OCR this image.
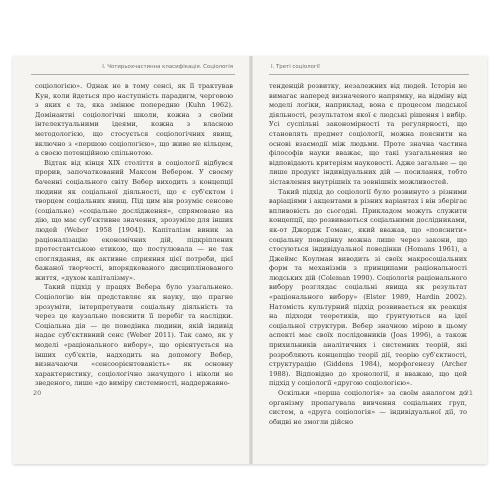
I. Чотирьохчастинна класифікація. Соціологія

соціологією». Однак не в тому сенсі, як її трактував Кун, коли йдеться про наступність парадигм, черговою з яких є та, яка змінює попередню (Kuhn 1962). Домінантні соціологічні школи, кожна з своїми інтелектуальними ідеями, кожна з власною методологією, що стосується соціологічних явищ, включно з «першою соціологією», що живе не кільцем, а своєю потенційною спільнотою.

Відтак від кінця XIX століття в соціології відбувся прорив, започаткований Максом Вебером. У своєму баченні соціального світу Вебер виходить з концепції людини як соціальної діяльності, що є суб'єктом і творцем соціальних явищ. Під цим він розуміє сенсове (соціальне) «соціальне дослідження», спрямоване на дію, що має суб'єктивне значення, зрозуміле для інших людей (Weber 1958 [1904]). Капіталізм виник за раціоналізацію економічних дій, підкріплених протестантською етикою, що постулювала — не так споглядання, як активне сприяння цієї потреби, цієї бажаної творчості, впорядкованого дисциплінованого життя, «духом капіталізму».

Такий підхід у працях Вебера було узагальнено. Соціологію він представляє як науку, що прагне зрозуміти, інтерпретувати соціальну діяльність та через це каузально пояснити її перебіг та наслідки. Соціальна дія — це поведінка людини, якій індивід надає суб'єктивний сенс (Weber 2011). Так само, як у моделі «раціонального вибору», що орієнтується на інших суб'єктів, надходить на допомогу Вебер, визначаючи «сенсоорієнтованість» як основну характеристику, соціологічно значущого і ніколи не зведеного, лише «до виміру системності, наддержавно-

20
I. Треті соціології

тенденцій розвитку, незалежних від людей. Історія не вимагає наперед визначеного напрямку, на відміну від моделі логіки, наприклад, вона є процесом людської діяльності, результатом якої є людські рішення і вибір. Усі суспільні закономірності та регулярності, що становлять предмет соціології, можна пояснити на основі взаємодії між людьми. Проте значна частина філософів науки вважає, що такі узагальнення не відповідають критеріям науковості. Адже загальне — це лише продукт індивідуальних дій — посилання, тобто зіставлення внутрішніх та зовнішніх можливостей.

Такий підхід до соціології було розвинуто з різними варіаціями і акцентами в різних варіантах і він зберігає впливовість до сьогодні. Прикладом можуть служити концепції, що розвиваються соціальними дослідниками, як-от Джордж Гоманс, який вважав, що «пояснити» соціальну поведінку можна лише через закони, що стосуються індивідуальної поведінки (Homans 1961), а Джеймс Коулман виводить зі своїх макросоціальних форм та механізмів з принципами раціональності людських дій (Coleman 1990). Соціологія раціонального вибору розглядає соціальні явища як результат «раціонального вибору» (Elster 1989, Hardin 2002). Натомість культурний підхід розвивається як реакція на підходи теоретиків, що ґрунтуються на ідеї соціальної структури. Вебер значною мірою в цьому аспекті має своїх послідовників (Joas 1996), а також прихильників аналітичних і системних теорій, які розробляють концепцію теорії дії, теорію суб'єктності, структурацію (Giddens 1984), морфогенезу (Archer 1988). Відповідно до хронології, я вважаю, що цей підхід у соціології «другою соціологією».

Оскільки «перша соціологія» за своїм аналогом до організму пропагувала вивчення соціальних груп, систем, а «друга соціологія» — індивідуальної дії, то обидві не змогли дійсно

21
